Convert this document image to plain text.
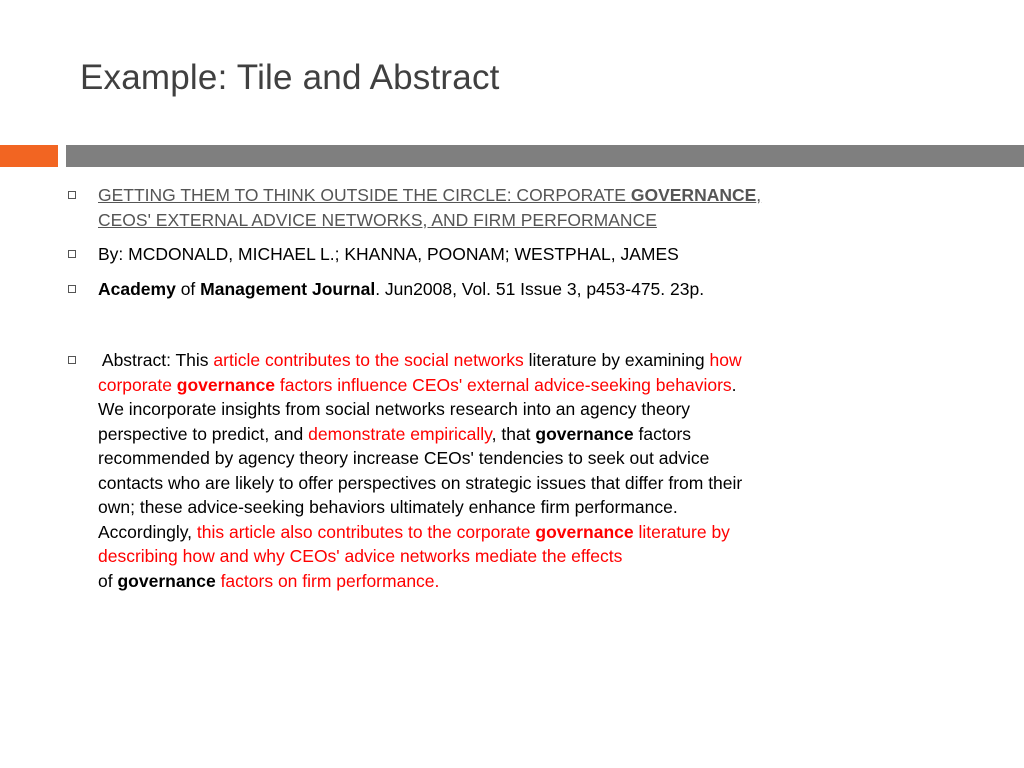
Example: Tile and Abstract
GETTING THEM TO THINK OUTSIDE THE CIRCLE: CORPORATE GOVERNANCE,
CEOS' EXTERNAL ADVICE NETWORKS, AND FIRM PERFORMANCE
By: MCDONALD, MICHAEL L.; KHANNA, POONAM; WESTPHAL, JAMES
Academy of Management Journal. Jun2008, Vol. 51 Issue 3, p453-475. 23p.
Abstract: This article contributes to the social networks literature by examining how
corporate governance factors influence CEOs' external advice-seeking behaviors.
We incorporate insights from social networks research into an agency theory
perspective to predict, and demonstrate empirically, that governance factors
recommended by agency theory increase CEOs' tendencies to seek out advice
contacts who are likely to offer perspectives on strategic issues that differ from their
own; these advice-seeking behaviors ultimately enhance firm performance.
Accordingly, this article also contributes to the corporate governance literature by
describing how and why CEOs' advice networks mediate the effects
of governance factors on firm performance.
